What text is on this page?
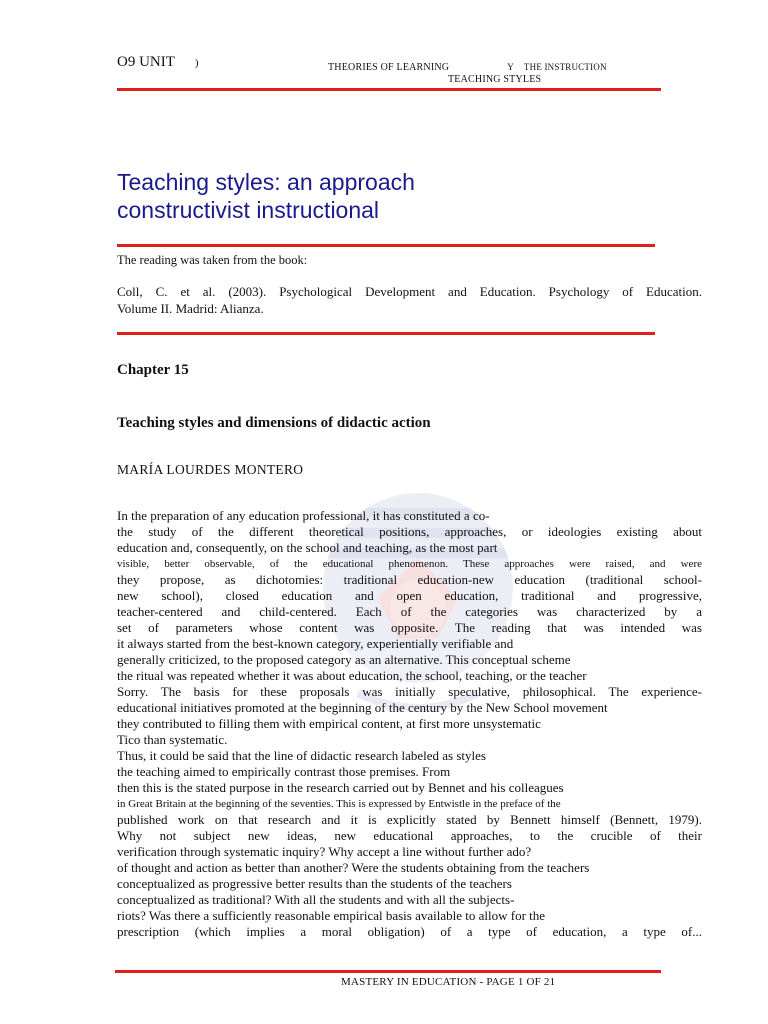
O9 UNIT )	THEORIES OF LEARNING	Y THE INSTRUCTION
TEACHING STYLES
Teaching styles: an approach
constructivist instructional
The reading was taken from the book:
Coll, C. et al. (2003). Psychological Development and Education. Psychology of Education.
Volume II. Madrid: Alianza.
Chapter 15
Teaching styles and dimensions of didactic action
MARÍA LOURDES MONTERO
In the preparation of any education professional, it has constituted a co-
the study of the different theoretical positions, approaches, or ideologies existing about
education and, consequently, on the school and teaching, as the most part
visible, better observable, of the educational phenomenon. These approaches were raised, and were
they propose, as dichotomies: traditional education-new education (traditional school-
new school), closed education and open education, traditional and progressive,
teacher-centered and child-centered. Each of the categories was characterized by a
set of parameters whose content was opposite. The reading that was intended was
it always started from the best-known category, experientially verifiable and
generally criticized, to the proposed category as an alternative. This conceptual scheme
the ritual was repeated whether it was about education, the school, teaching, or the teacher
Sorry. The basis for these proposals was initially speculative, philosophical. The experience-
educational initiatives promoted at the beginning of the century by the New School movement
they contributed to filling them with empirical content, at first more unsystematic
Tico than systematic.
Thus, it could be said that the line of didactic research labeled as styles
the teaching aimed to empirically contrast those premises. From
then this is the stated purpose in the research carried out by Bennet and his colleagues
in Great Britain at the beginning of the seventies. This is expressed by Entwistle in the preface of the
published work on that research and it is explicitly stated by Bennett himself (Bennett, 1979).
Why not subject new ideas, new educational approaches, to the crucible of their
verification through systematic inquiry? Why accept a line without further ado?
of thought and action as better than another? Were the students obtaining from the teachers
conceptualized as progressive better results than the students of the teachers
conceptualized as traditional? With all the students and with all the subjects-
riots? Was there a sufficiently reasonable empirical basis available to allow for the
prescription (which implies a moral obligation) of a type of education, a type of...
MASTERY IN EDUCATION - PAGE 1 OF 21
